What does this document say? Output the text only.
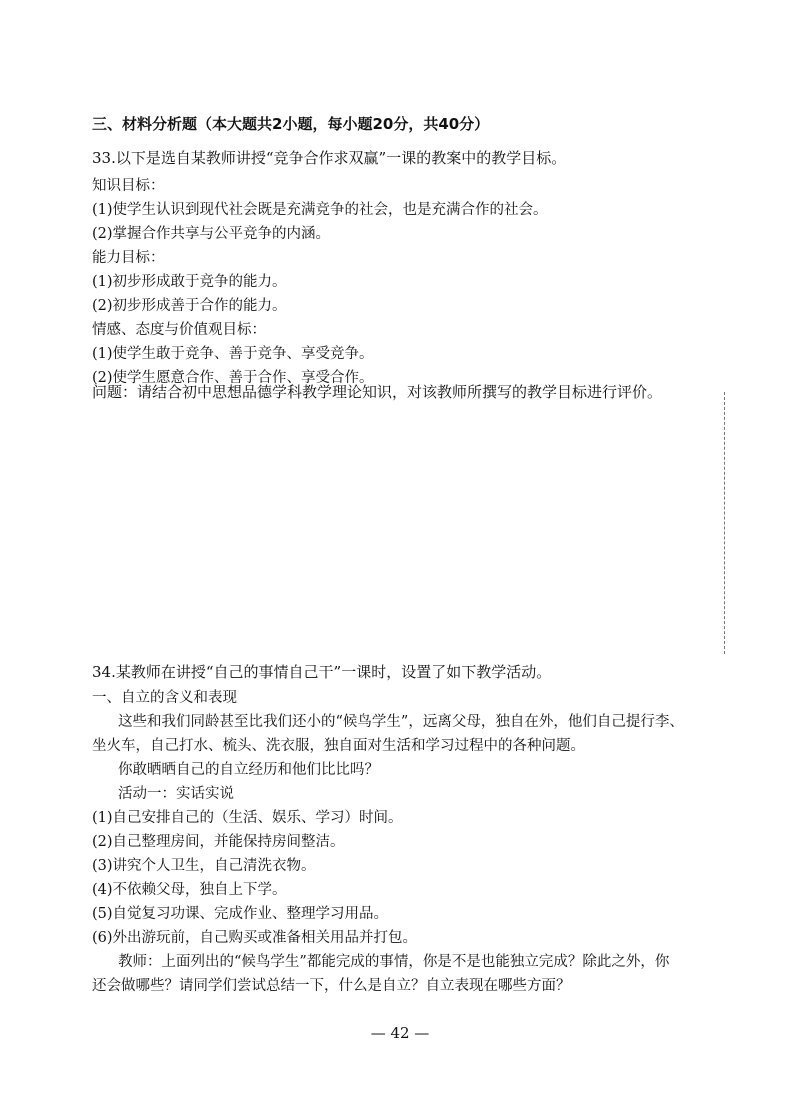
三、材料分析题（本大题共2小题，每小题20分，共40分）
33.以下是选自某教师讲授“竞争合作求双赢”一课的教案中的教学目标。
知识目标：
(1)使学生认识到现代社会既是充满竞争的社会，也是充满合作的社会。
(2)掌握合作共享与公平竞争的内涵。
能力目标：
(1)初步形成敢于竞争的能力。
(2)初步形成善于合作的能力。
情感、态度与价值观目标：
(1)使学生敢于竞争、善于竞争、享受竞争。
(2)使学生愿意合作、善于合作、享受合作。
问题：请结合初中思想品德学科教学理论知识，对该教师所撰写的教学目标进行评价。
34.某教师在讲授“自己的事情自己干”一课时，设置了如下教学活动。
一、自立的含义和表现
这些和我们同龄甚至比我们还小的“候鸟学生”，远离父母，独自在外，他们自己提行李、
坐火车，自己打水、梳头、洗衣服，独自面对生活和学习过程中的各种问题。
你敢晒晒自己的自立经历和他们比比吗？
活动一：实话实说
(1)自己安排自己的（生活、娱乐、学习）时间。
(2)自己整理房间，并能保持房间整洁。
(3)讲究个人卫生，自己清洗衣物。
(4)不依赖父母，独自上下学。
(5)自觉复习功课、完成作业、整理学习用品。
(6)外出游玩前，自己购买或准备相关用品并打包。
教师：上面列出的“候鸟学生”都能完成的事情，你是不是也能独立完成？除此之外，你
还会做哪些？请同学们尝试总结一下，什么是自立？自立表现在哪些方面？
— 42 —
